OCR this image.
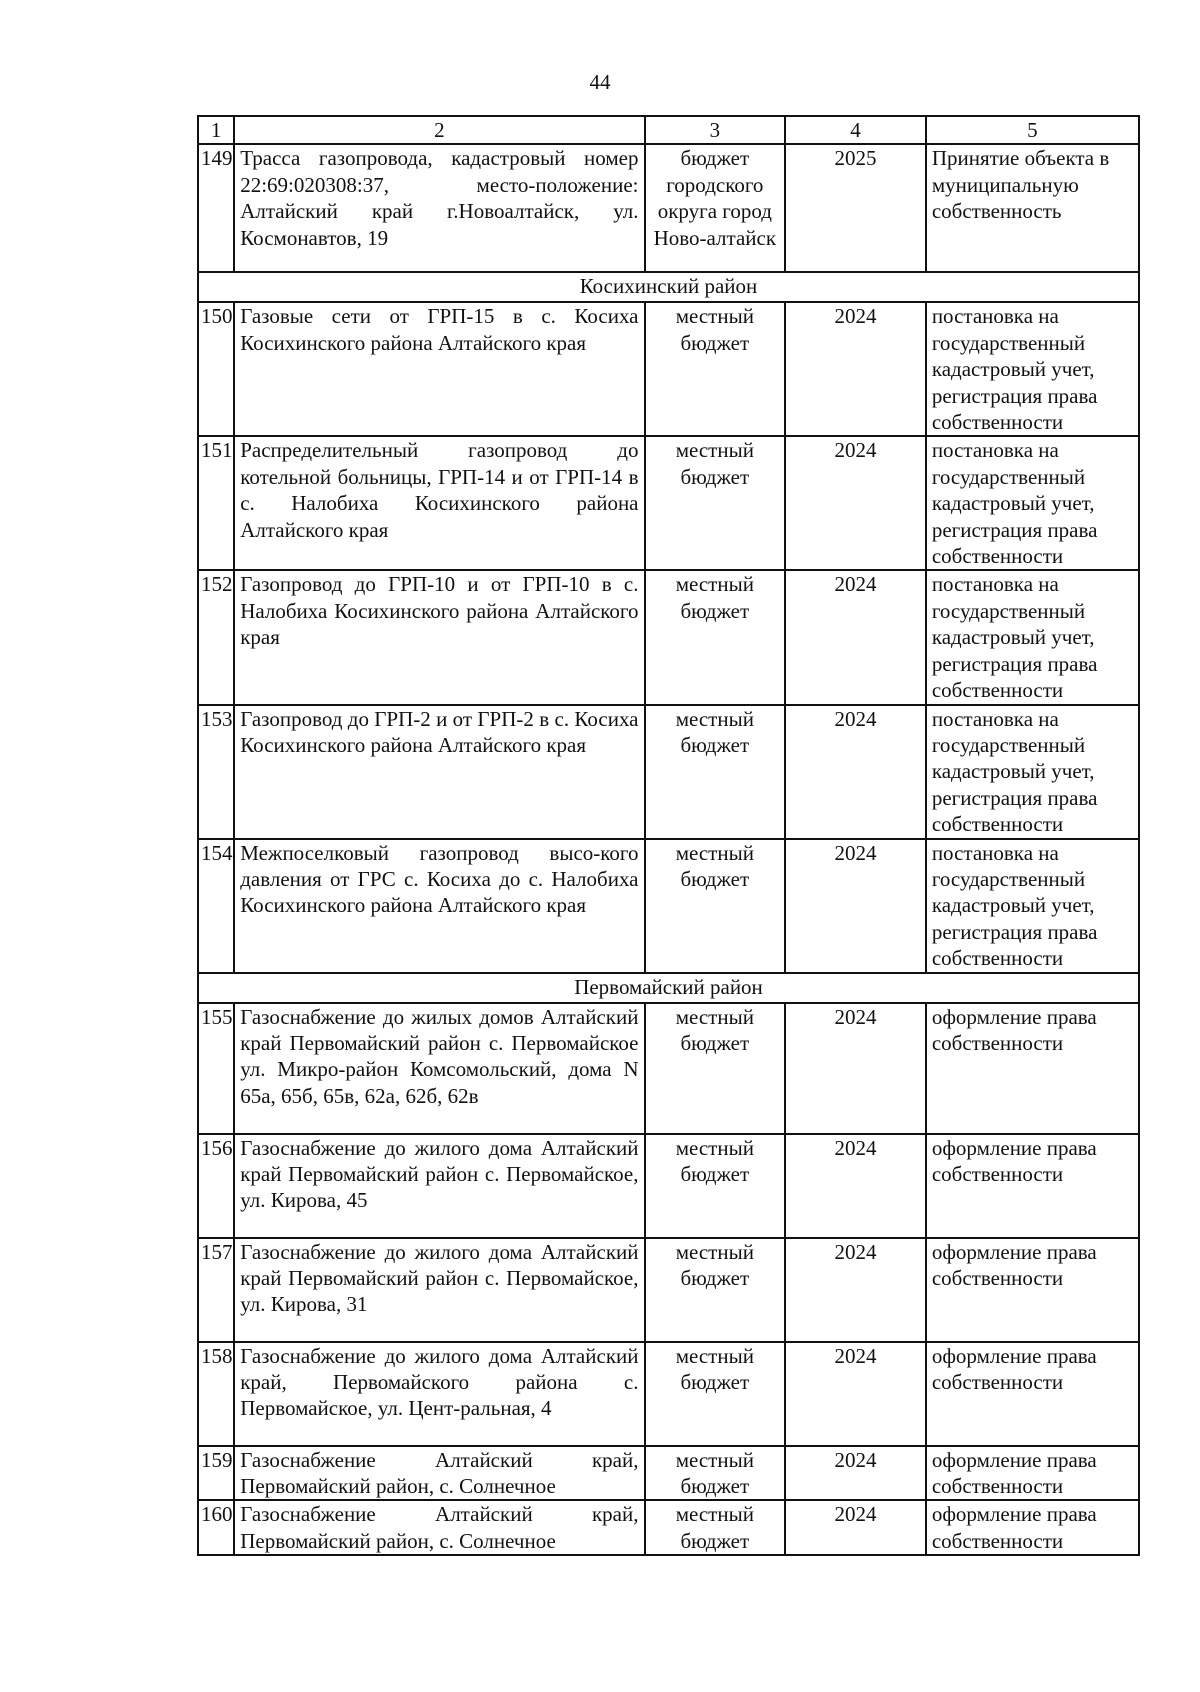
44
1	2	3	4	5
149	Трасса газопровода, кадастровый номер 22:69:020308:37, место-положение: Алтайский край г.Новоалтайск, ул. Космонавтов, 19	бюджет городского округа город Ново-алтайск	2025	Принятие объекта в муниципальную собственность
Косихинский район				
150	Газовые сети от ГРП-15 в с. Косиха Косихинского района Алтайского края	местный бюджет	2024	постановка на государственный кадастровый учет, регистрация права собственности
151	Распределительный газопровод до котельной больницы, ГРП-14 и от ГРП-14 в с. Налобиха Косихинского района Алтайского края	местный бюджет	2024	постановка на государственный кадастровый учет, регистрация права собственности
152	Газопровод до ГРП-10 и от ГРП-10 в с. Налобиха Косихинского района Алтайского края	местный бюджет	2024	постановка на государственный кадастровый учет, регистрация права собственности
153	Газопровод до ГРП-2 и от ГРП-2 в с. Косиха Косихинского района Алтайского края	местный бюджет	2024	постановка на государственный кадастровый учет, регистрация права собственности
154	Межпоселковый газопровод высо-кого давления от ГРС с. Косиха до с. Налобиха Косихинского района Алтайского края	местный бюджет	2024	постановка на государственный кадастровый учет, регистрация права собственности
Первомайский район				
155	Газоснабжение до жилых домов Алтайский край Первомайский район с. Первомайское ул. Микро-район Комсомольский, дома N 65а, 65б, 65в, 62а, 62б, 62в	местный бюджет	2024	оформление права собственности
156	Газоснабжение до жилого дома Алтайский край Первомайский район с. Первомайское, ул. Кирова, 45	местный бюджет	2024	оформление права собственности
157	Газоснабжение до жилого дома Алтайский край Первомайский район с. Первомайское, ул. Кирова, 31	местный бюджет	2024	оформление права собственности
158	Газоснабжение до жилого дома Алтайский край, Первомайского района с. Первомайское, ул. Цент-ральная, 4	местный бюджет	2024	оформление права собственности
159	Газоснабжение Алтайский край, Первомайский район, с. Солнечное	местный бюджет	2024	оформление права собственности
160	Газоснабжение Алтайский край, Первомайский район, с. Солнечное	местный бюджет	2024	оформление права собственности
